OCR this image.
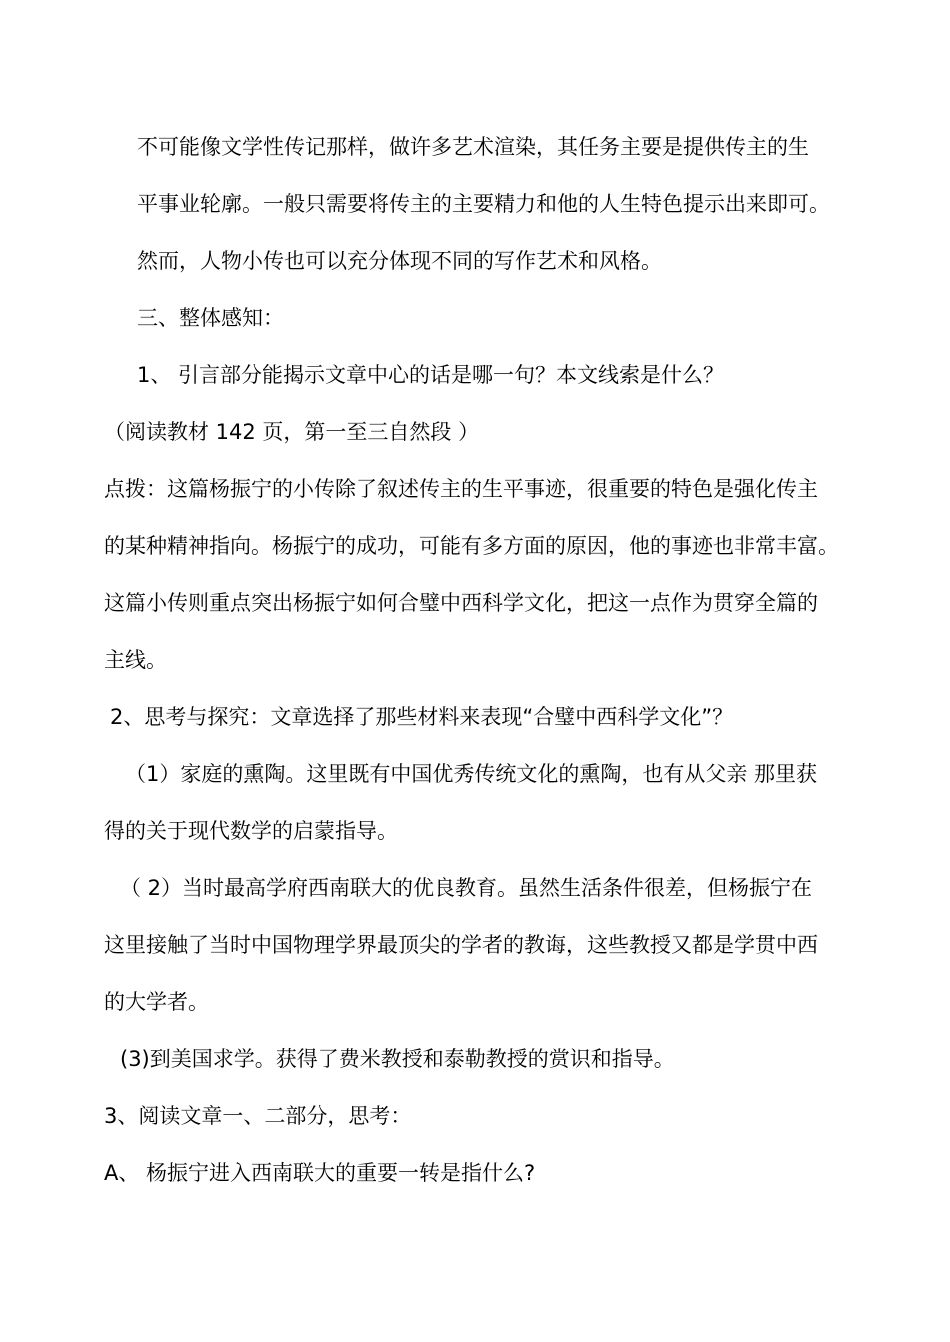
不可能像文学性传记那样，做许多艺术渲染，其任务主要是提供传主的生
平事业轮廓。一般只需要将传主的主要精力和他的人生特色提示出来即可。
然而，人物小传也可以充分体现不同的写作艺术和风格。
三、整体感知：
1、 引言部分能揭示文章中心的话是哪一句？本文线索是什么？
（阅读教材 142 页，第一至三自然段 ）
点拨：这篇杨振宁的小传除了叙述传主的生平事迹，很重要的特色是强化传主
的某种精神指向。杨振宁的成功，可能有多方面的原因，他的事迹也非常丰富。
这篇小传则重点突出杨振宁如何合璧中西科学文化，把这一点作为贯穿全篇的
主线。
2、思考与探究：文章选择了那些材料来表现“合璧中西科学文化”？
（1）家庭的熏陶。这里既有中国优秀传统文化的熏陶，也有从父亲 那里获
得的关于现代数学的启蒙指导。
（ 2）当时最高学府西南联大的优良教育。虽然生活条件很差，但杨振宁在
这里接触了当时中国物理学界最顶尖的学者的教诲，这些教授又都是学贯中西
的大学者。
(3)到美国求学。获得了费米教授和泰勒教授的赏识和指导。
3、阅读文章一、二部分，思考：
A、 杨振宁进入西南联大的重要一转是指什么?
